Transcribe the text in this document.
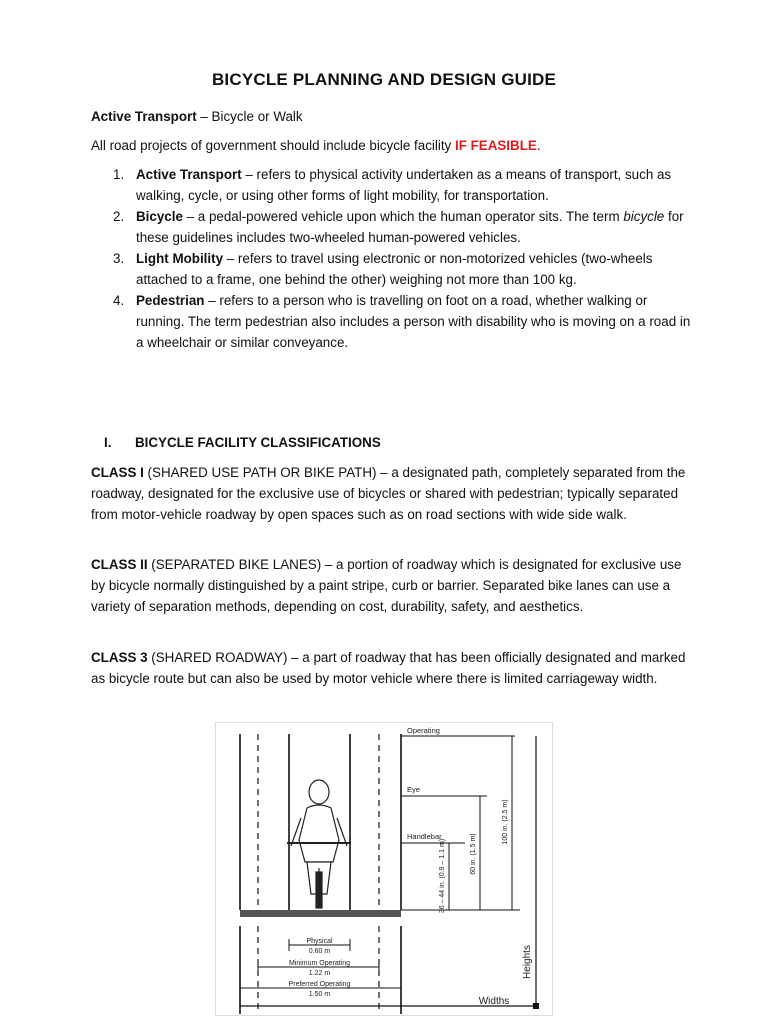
BICYCLE PLANNING AND DESIGN GUIDE
Active Transport – Bicycle or Walk
All road projects of government should include bicycle facility IF FEASIBLE.
1. Active Transport – refers to physical activity undertaken as a means of transport, such as walking, cycle, or using other forms of light mobility, for transportation.
2. Bicycle – a pedal-powered vehicle upon which the human operator sits. The term bicycle for these guidelines includes two-wheeled human-powered vehicles.
3. Light Mobility – refers to travel using electronic or non-motorized vehicles (two-wheels attached to a frame, one behind the other) weighing not more than 100 kg.
4. Pedestrian – refers to a person who is travelling on foot on a road, whether walking or running. The term pedestrian also includes a person with disability who is moving on a road in a wheelchair or similar conveyance.
I. BICYCLE FACILITY CLASSIFICATIONS
CLASS I (SHARED USE PATH OR BIKE PATH) – a designated path, completely separated from the roadway, designated for the exclusive use of bicycles or shared with pedestrian; typically separated from motor-vehicle roadway by open spaces such as on road sections with wide side walk.
CLASS II (SEPARATED BIKE LANES) – a portion of roadway which is designated for exclusive use by bicycle normally distinguished by a paint stripe, curb or barrier. Separated bike lanes can use a variety of separation methods, depending on cost, durability, safety, and aesthetics.
CLASS 3 (SHARED ROADWAY) – a part of roadway that has been officially designated and marked as bicycle route but can also be used by motor vehicle where there is limited carriageway width.
Operating
Eye
Handlebar	100 in. (2.5 m)
60 in. (1.5 m)
36 – 44 in. (0.9 – 1.1 m)
Physical
0.60 m
Minimum Operating
1.22 m
Preferred Operating
1.50 m
Heights
Widths
